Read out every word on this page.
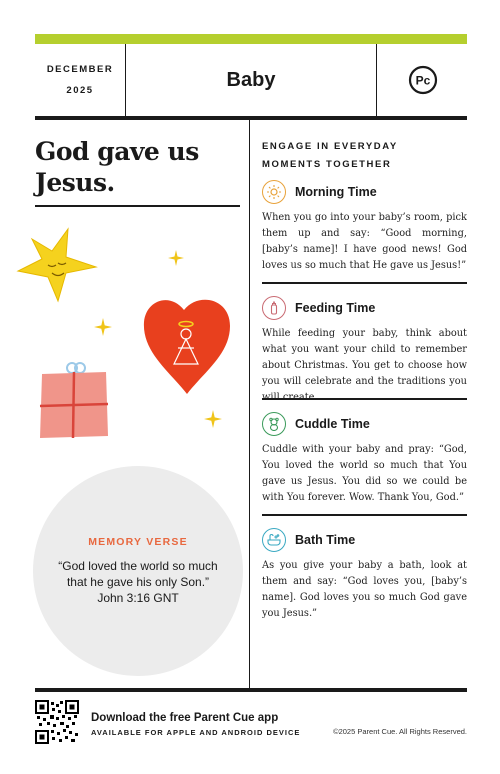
DECEMBER
2025	Baby	Pc
God gave us Jesus.
MEMORY VERSE
“God loved the world so much that he gave his only Son.”
John 3:16 GNT
ENGAGE IN EVERYDAY
MOMENTS TOGETHER
Morning Time
When you go into your baby’s room, pick them up and say: “Good morning, [baby’s name]! I have good news! God loves us so much that He gave us Jesus!”
Feeding Time
While feeding your baby, think about what you want your child to remember about Christmas. You get to choose how you will celebrate and the traditions you
Cuddle Time
Cuddle with your baby and pray: “God, You loved the world so much that You gave us Jesus. You did so we could be with You forever. Wow. Thank You, God.”
Bath Time
As you give your baby a bath, look at them and say: “God loves you, [baby’s name]. God loves you so much God gave you Jesus.”
Download the free Parent Cue app
AVAILABLE FOR APPLE AND ANDROID DEVICE	©2025 Parent Cue. All Rights Reserved.
